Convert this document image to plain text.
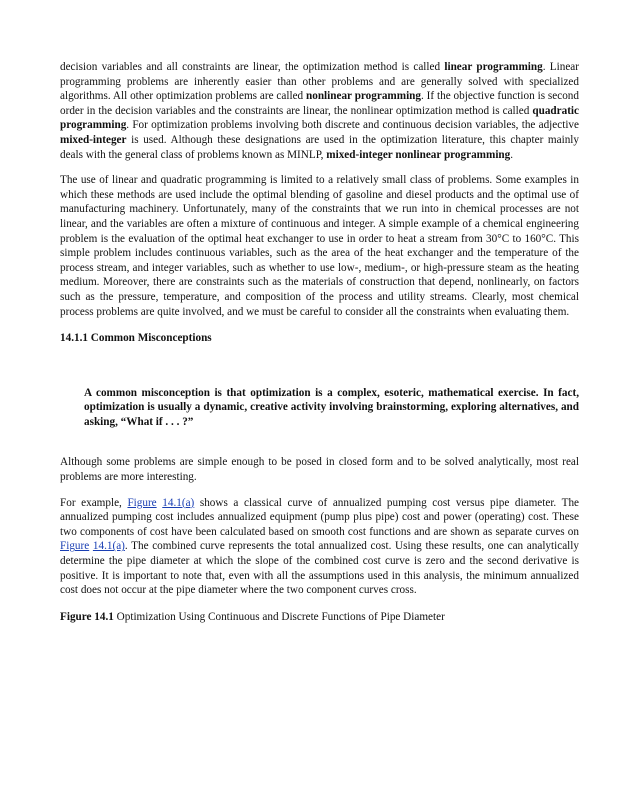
decision variables and all constraints are linear, the optimization method is called linear programming. Linear programming problems are inherently easier than other problems and are generally solved with specialized algorithms. All other optimization problems are called nonlinear programming. If the objective function is second order in the decision variables and the constraints are linear, the nonlinear optimization method is called quadratic programming. For optimization problems involving both discrete and continuous decision variables, the adjective mixed-integer is used. Although these designations are used in the optimization literature, this chapter mainly deals with the general class of problems known as MINLP, mixed-integer nonlinear programming.

The use of linear and quadratic programming is limited to a relatively small class of problems. Some examples in which these methods are used include the optimal blending of gasoline and diesel products and the optimal use of manufacturing machinery. Unfortunately, many of the constraints that we run into in chemical processes are not linear, and the variables are often a mixture of continuous and integer. A simple example of a chemical engineering problem is the evaluation of the optimal heat exchanger to use in order to heat a stream from 30°C to 160°C. This simple problem includes continuous variables, such as the area of the heat exchanger and the temperature of the process stream, and integer variables, such as whether to use low-, medium-, or high-pressure steam as the heating medium. Moreover, there are constraints such as the materials of construction that depend, nonlinearly, on factors such as the pressure, temperature, and composition of the process and utility streams. Clearly, most chemical process problems are quite involved, and we must be careful to consider all the constraints when evaluating them.

14.1.1 Common Misconceptions

A common misconception is that optimization is a complex, esoteric, mathematical exercise. In fact, optimization is usually a dynamic, creative activity involving brainstorming, exploring alternatives, and asking, “What if . . . ?”

Although some problems are simple enough to be posed in closed form and to be solved analytically, most real problems are more interesting.

For example, Figure 14.1(a) shows a classical curve of annualized pumping cost versus pipe diameter. The annualized pumping cost includes annualized equipment (pump plus pipe) cost and power (operating) cost. These two components of cost have been calculated based on smooth cost functions and are shown as separate curves on Figure 14.1(a). The combined curve represents the total annualized cost. Using these results, one can analytically determine the pipe diameter at which the slope of the combined cost curve is zero and the second derivative is positive. It is important to note that, even with all the assumptions used in this analysis, the minimum annualized cost does not occur at the pipe diameter where the two component curves cross.

Figure 14.1 Optimization Using Continuous and Discrete Functions of Pipe Diameter
